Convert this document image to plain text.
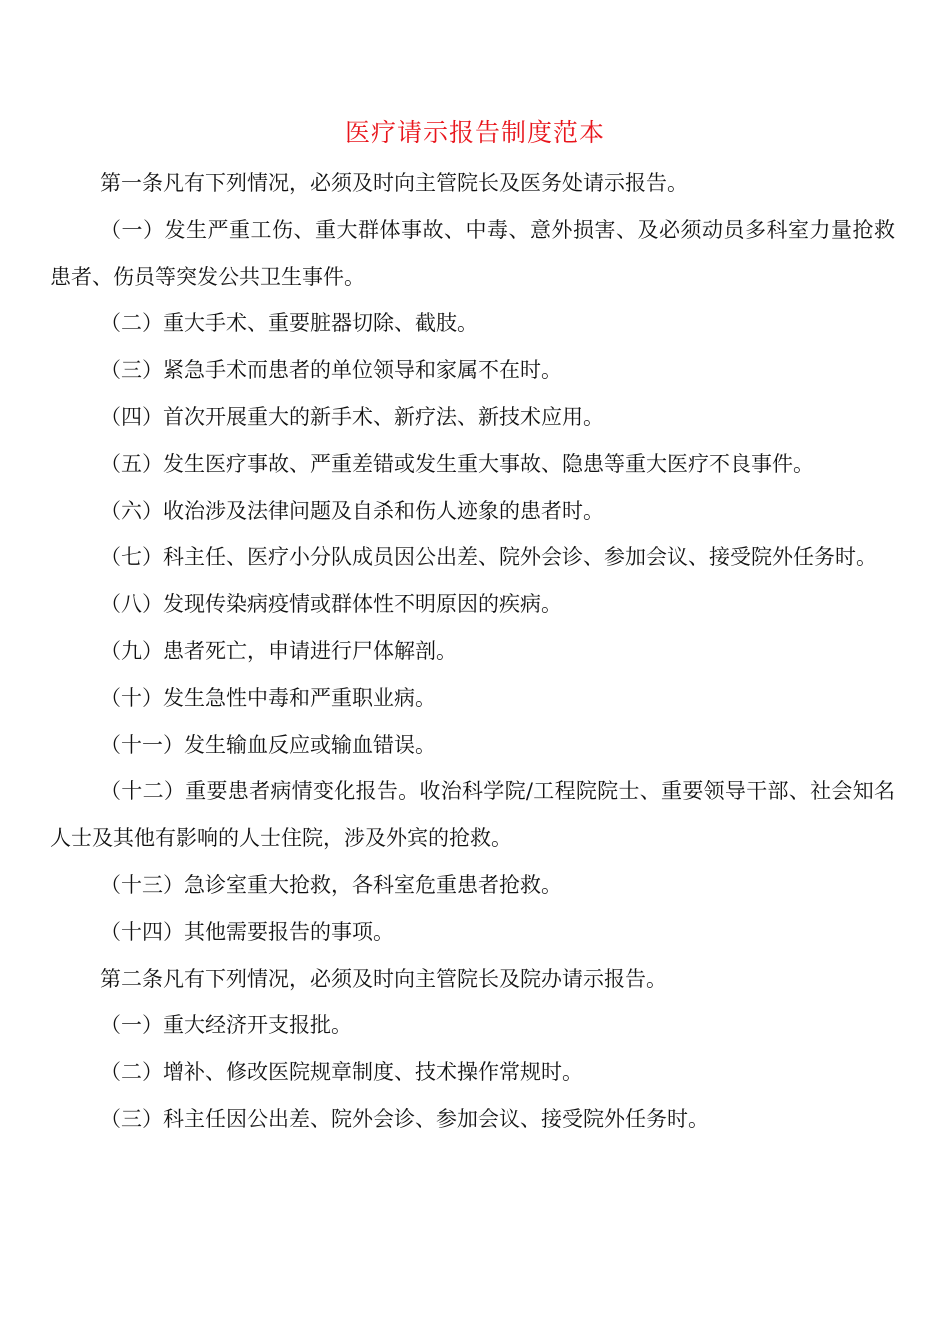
医疗请示报告制度范本

第一条凡有下列情况，必须及时向主管院长及医务处请示报告。

（一）发生严重工伤、重大群体事故、中毒、意外损害、及必须动员多科室力量抢救患者、伤员等突发公共卫生事件。

（二）重大手术、重要脏器切除、截肢。

（三）紧急手术而患者的单位领导和家属不在时。

（四）首次开展重大的新手术、新疗法、新技术应用。

（五）发生医疗事故、严重差错或发生重大事故、隐患等重大医疗不良事件。

（六）收治涉及法律问题及自杀和伤人迹象的患者时。

（七）科主任、医疗小分队成员因公出差、院外会诊、参加会议、接受院外任务时。

（八）发现传染病疫情或群体性不明原因的疾病。

（九）患者死亡，申请进行尸体解剖。

（十）发生急性中毒和严重职业病。

（十一）发生输血反应或输血错误。

（十二）重要患者病情变化报告。收治科学院/工程院院士、重要领导干部、社会知名人士及其他有影响的人士住院，涉及外宾的抢救。

（十三）急诊室重大抢救，各科室危重患者抢救。

（十四）其他需要报告的事项。

第二条凡有下列情况，必须及时向主管院长及院办请示报告。

（一）重大经济开支报批。

（二）增补、修改医院规章制度、技术操作常规时。

（三）科主任因公出差、院外会诊、参加会议、接受院外任务时。
